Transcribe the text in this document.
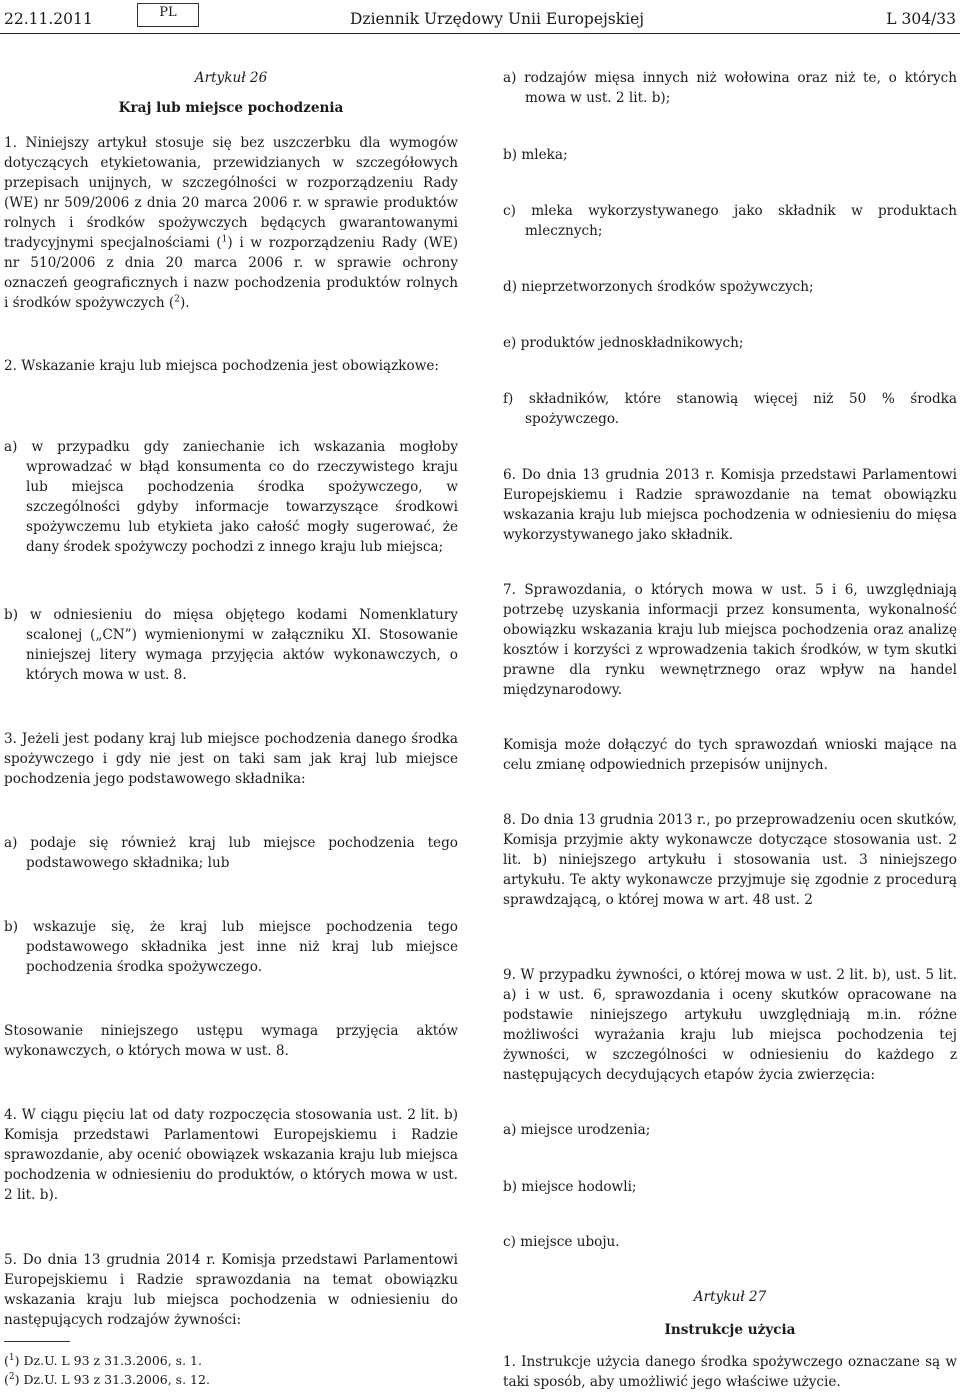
22.11.2011	PL	Dziennik Urzędowy Unii Europejskiej	L 304/33

Artykuł 26

Kraj lub miejsce pochodzenia

1. Niniejszy artykuł stosuje się bez uszczerbku dla wymogów dotyczących etykietowania, przewidzianych w szczegółowych przepisach unijnych, w szczególności w rozporządzeniu Rady (WE) nr 509/2006 z dnia 20 marca 2006 r. w sprawie produktów rolnych i środków spożywczych będących gwarantowanymi tradycyjnymi specjalnościami ($^1$) i w rozporządzeniu Rady (WE) nr 510/2006 z dnia 20 marca 2006 r. w sprawie ochrony oznaczeń geograficznych i nazw pochodzenia produktów rolnych i środków spożywczych ($^2$).

2. Wskazanie kraju lub miejsca pochodzenia jest obowiązkowe:

a) w przypadku gdy zaniechanie ich wskazania mogłoby wprowadzać w błąd konsumenta co do rzeczywistego kraju lub miejsca pochodzenia środka spożywczego, w szczególności gdyby informacje towarzyszące środkowi spożywczemu lub etykieta jako całość mogły sugerować, że dany środek spożywczy pochodzi z innego kraju lub miejsca;

b) w odniesieniu do mięsa objętego kodami Nomenklatury scalonej („CN”) wymienionymi w załączniku XI. Stosowanie niniejszej litery wymaga przyjęcia aktów wykonawczych, o których mowa w ust. 8.

3. Jeżeli jest podany kraj lub miejsce pochodzenia danego środka spożywczego i gdy nie jest on taki sam jak kraj lub miejsce pochodzenia jego podstawowego składnika:

a) podaje się również kraj lub miejsce pochodzenia tego podstawowego składnika; lub

b) wskazuje się, że kraj lub miejsce pochodzenia tego podstawowego składnika jest inne niż kraj lub miejsce pochodzenia środka spożywczego.

Stosowanie niniejszego ustępu wymaga przyjęcia aktów wykonawczych, o których mowa w ust. 8.

4. W ciągu pięciu lat od daty rozpoczęcia stosowania ust. 2 lit. b) Komisja przedstawi Parlamentowi Europejskiemu i Radzie sprawozdanie, aby ocenić obowiązek wskazania kraju lub miejsca pochodzenia w odniesieniu do produktów, o których mowa w ust. 2 lit. b).

5. Do dnia 13 grudnia 2014 r. Komisja przedstawi Parlamentowi Europejskiemu i Radzie sprawozdania na temat obowiązku wskazania kraju lub miejsca pochodzenia w odniesieniu do następujących rodzajów żywności:

($^1$) Dz.U. L 93 z 31.3.2006, s. 1.
($^2$) Dz.U. L 93 z 31.3.2006, s. 12.

a) rodzajów mięsa innych niż wołowina oraz niż te, o których mowa w ust. 2 lit. b);

b) mleka;

c) mleka wykorzystywanego jako składnik w produktach mlecznych;

d) nieprzetworzonych środków spożywczych;

e) produktów jednoskładnikowych;

f) składników, które stanowią więcej niż 50 % środka spożywczego.

6. Do dnia 13 grudnia 2013 r. Komisja przedstawi Parlamentowi Europejskiemu i Radzie sprawozdanie na temat obowiązku wskazania kraju lub miejsca pochodzenia w odniesieniu do mięsa wykorzystywanego jako składnik.

7. Sprawozdania, o których mowa w ust. 5 i 6, uwzględniają potrzebę uzyskania informacji przez konsumenta, wykonalność obowiązku wskazania kraju lub miejsca pochodzenia oraz analizę kosztów i korzyści z wprowadzenia takich środków, w tym skutki prawne dla rynku wewnętrznego oraz wpływ na handel międzynarodowy.

Komisja może dołączyć do tych sprawozdań wnioski mające na celu zmianę odpowiednich przepisów unijnych.

8. Do dnia 13 grudnia 2013 r., po przeprowadzeniu ocen skutków, Komisja przyjmie akty wykonawcze dotyczące stosowania ust. 2 lit. b) niniejszego artykułu i stosowania ust. 3 niniejszego artykułu. Te akty wykonawcze przyjmuje się zgodnie z procedurą sprawdzającą, o której mowa w art. 48 ust. 2

9. W przypadku żywności, o której mowa w ust. 2 lit. b), ust. 5 lit. a) i w ust. 6, sprawozdania i oceny skutków opracowane na podstawie niniejszego artykułu uwzględniają m.in. różne możliwości wyrażania kraju lub miejsca pochodzenia tej żywności, w szczególności w odniesieniu do każdego z następujących decydujących etapów życia zwierzęcia:

a) miejsce urodzenia;

b) miejsce hodowli;

c) miejsce uboju.

Artykuł 27

Instrukcje użycia

1. Instrukcje użycia danego środka spożywczego oznaczane są w taki sposób, aby umożliwić jego właściwe użycie.
